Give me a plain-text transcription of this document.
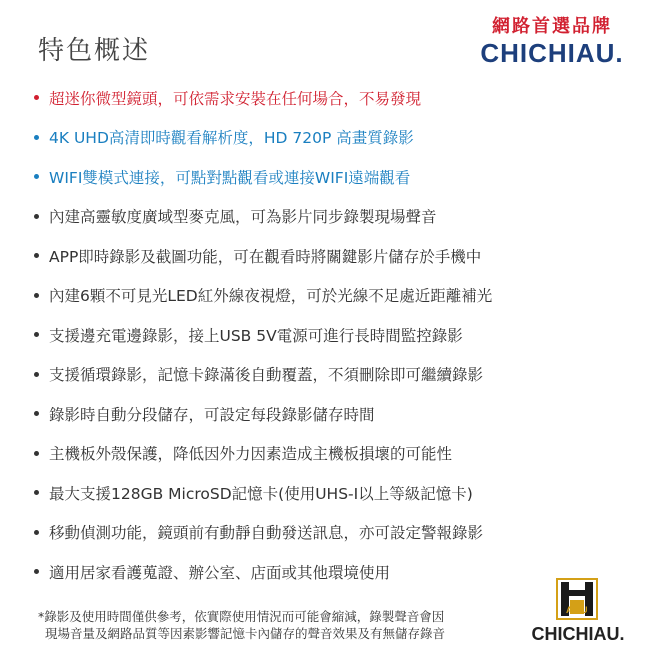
特色概述
網路首選品牌
CHICHIAU.
超迷你微型鏡頭，可依需求安裝在任何場合，不易發現
4K UHD高清即時觀看解析度，HD 720P 高畫質錄影
WIFI雙模式連接，可點對點觀看或連接WIFI遠端觀看
內建高靈敏度廣域型麥克風，可為影片同步錄製現場聲音
APP即時錄影及截圖功能，可在觀看時將關鍵影片儲存於手機中
內建6顆不可見光LED紅外線夜視燈，可於光線不足處近距離補光
支援邊充電邊錄影，接上USB 5V電源可進行長時間監控錄影
支援循環錄影，記憶卡錄滿後自動覆蓋，不須刪除即可繼續錄影
錄影時自動分段儲存，可設定每段錄影儲存時間
主機板外殼保護，降低因外力因素造成主機板損壞的可能性
最大支援128GB MicroSD記憶卡(使用UHS-I以上等級記憶卡)
移動偵測功能，鏡頭前有動靜自動發送訊息，亦可設定警報錄影
適用居家看護蒐證、辦公室、店面或其他環境使用
*錄影及使用時間僅供參考，依實際使用情況而可能會縮減，錄製聲音會因
現場音量及網路品質等因素影響記憶卡內儲存的聲音效果及有無儲存錄音
A U
CHICHIAU.
